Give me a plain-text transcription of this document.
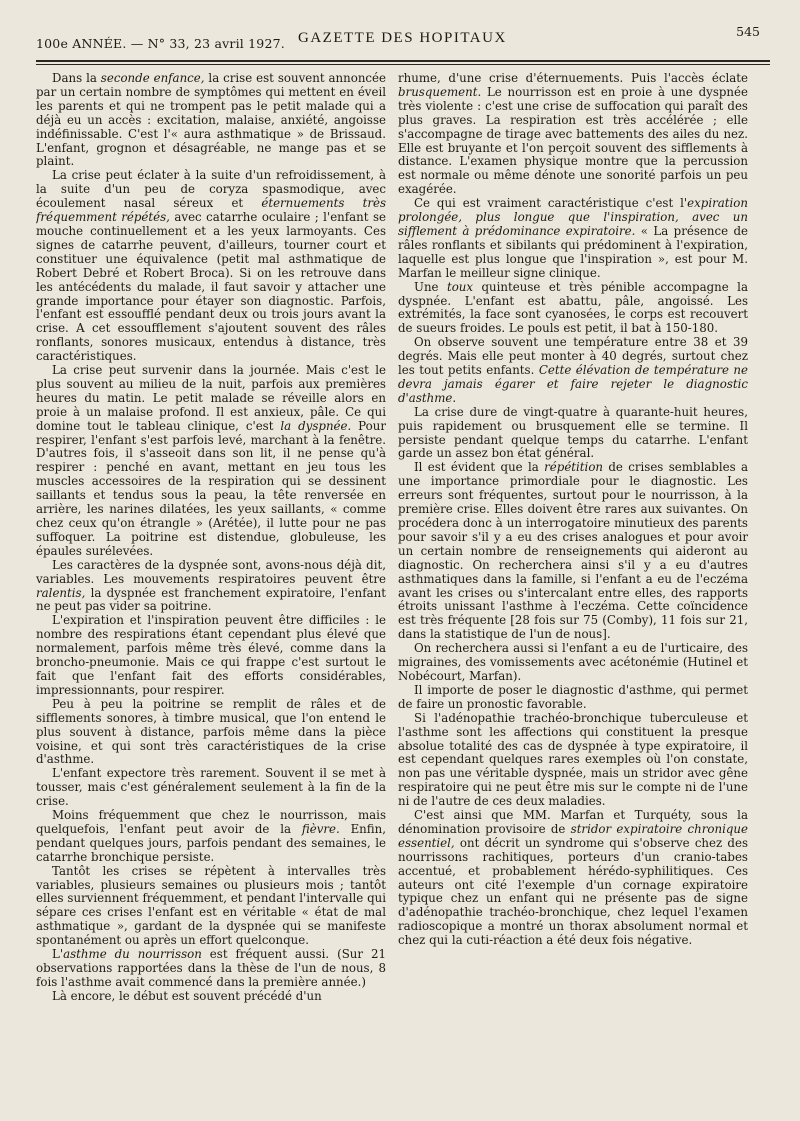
100e ANNÉE. — N° 33, 23 avril 1927. GAZETTE DES HOPITAUX	545

Dans la seconde enfance, la crise est souvent annoncée par un certain nombre de symptômes qui mettent en éveil les parents et qui ne trompent pas le petit malade qui a déjà eu un accès : excitation, malaise, anxiété, angoisse indéfinissable. C'est l'« aura asthmatique » de Brissaud. L'enfant, grognon et désagréable, ne mange pas et se plaint.

La crise peut éclater à la suite d'un refroidissement, à la suite d'un peu de coryza spasmodique, avec écoulement nasal séreux et éternuements très fréquemment répétés, avec catarrhe oculaire ; l'enfant se mouche continuellement et a les yeux larmoyants. Ces signes de catarrhe peuvent, d'ailleurs, tourner court et constituer une équivalence (petit mal asthmatique de Robert Debré et Robert Broca). Si on les retrouve dans les antécédents du malade, il faut savoir y attacher une grande importance pour étayer son diagnostic. Parfois, l'enfant est essoufflé pendant deux ou trois jours avant la crise. A cet essoufflement s'ajoutent souvent des râles ronflants, sonores musicaux, entendus à distance, très caractéristiques.

La crise peut survenir dans la journée. Mais c'est le plus souvent au milieu de la nuit, parfois aux premières heures du matin. Le petit malade se réveille alors en proie à un malaise profond. Il est anxieux, pâle. Ce qui domine tout le tableau clinique, c'est la dyspnée. Pour respirer, l'enfant s'est parfois levé, marchant à la fenêtre. D'autres fois, il s'asseoit dans son lit, il ne pense qu'à respirer : penché en avant, mettant en jeu tous les muscles accessoires de la respiration qui se dessinent saillants et tendus sous la peau, la tête renversée en arrière, les narines dilatées, les yeux saillants, « comme chez ceux qu'on étrangle » (Arétée), il lutte pour ne pas suffoquer. La poitrine est distendue, globuleuse, les épaules surélevées.

Les caractères de la dyspnée sont, avons-nous déjà dit, variables. Les mouvements respiratoires peuvent être ralentis, la dyspnée est franchement expiratoire, l'enfant ne peut pas vider sa poitrine.

L'expiration et l'inspiration peuvent être difficiles : le nombre des respirations étant cependant plus élevé que normalement, parfois même très élevé, comme dans la broncho-pneumonie. Mais ce qui frappe c'est surtout le fait que l'enfant fait des efforts considérables, impressionnants, pour respirer.

Peu à peu la poitrine se remplit de râles et de sifflements sonores, à timbre musical, que l'on entend le plus souvent à distance, parfois même dans la pièce voisine, et qui sont très caractéristiques de la crise d'asthme.

L'enfant expectore très rarement. Souvent il se met à tousser, mais c'est généralement seulement à la fin de la crise.

Moins fréquemment que chez le nourrisson, mais quelquefois, l'enfant peut avoir de la fièvre. Enfin, pendant quelques jours, parfois pendant des semaines, le catarrhe bronchique persiste.

Tantôt les crises se répètent à intervalles très variables, plusieurs semaines ou plusieurs mois ; tantôt elles surviennent fréquemment, et pendant l'intervalle qui sépare ces crises l'enfant est en véritable « état de mal asthmatique », gardant de la dyspnée qui se manifeste spontanément ou après un effort quelconque.

L'asthme du nourrisson est fréquent aussi. (Sur 21 observations rapportées dans la thèse de l'un de nous, 8 fois l'asthme avait commencé dans la première année.)

Là encore, le début est souvent précédé d'un

rhume, d'une crise d'éternuements. Puis l'accès éclate brusquement. Le nourrisson est en proie à une dyspnée très violente : c'est une crise de suffocation qui paraît des plus graves. La respiration est très accélérée ; elle s'accompagne de tirage avec battements des ailes du nez. Elle est bruyante et l'on perçoit souvent des sifflements à distance. L'examen physique montre que la percussion est normale ou même dénote une sonorité parfois un peu exagérée.

Ce qui est vraiment caractéristique c'est l'expiration prolongée, plus longue que l'inspiration, avec un sifflement à prédominance expiratoire. « La présence de râles ronflants et sibilants qui prédominent à l'expiration, laquelle est plus longue que l'inspiration », est pour M. Marfan le meilleur signe clinique.

Une toux quinteuse et très pénible accompagne la dyspnée. L'enfant est abattu, pâle, angoissé. Les extrémités, la face sont cyanosées, le corps est recouvert de sueurs froides. Le pouls est petit, il bat à 150-180.

On observe souvent une température entre 38 et 39 degrés. Mais elle peut monter à 40 degrés, surtout chez les tout petits enfants. Cette élévation de température ne devra jamais égarer et faire rejeter le diagnostic d'asthme.

La crise dure de vingt-quatre à quarante-huit heures, puis rapidement ou brusquement elle se termine. Il persiste pendant quelque temps du catarrhe. L'enfant garde un assez bon état général.

Il est évident que la répétition de crises semblables a une importance primordiale pour le diagnostic. Les erreurs sont fréquentes, surtout pour le nourrisson, à la première crise. Elles doivent être rares aux suivantes. On procédera donc à un interrogatoire minutieux des parents pour savoir s'il y a eu des crises analogues et pour avoir un certain nombre de renseignements qui aideront au diagnostic. On recherchera ainsi s'il y a eu d'autres asthmatiques dans la famille, si l'enfant a eu de l'eczéma avant les crises ou s'intercalant entre elles, des rapports étroits unissant l'asthme à l'eczéma. Cette coïncidence est très fréquente [28 fois sur 75 (Comby), 11 fois sur 21, dans la statistique de l'un de nous].

On recherchera aussi si l'enfant a eu de l'urticaire, des migraines, des vomissements avec acétonémie (Hutinel et Nobécourt, Marfan).

Il importe de poser le diagnostic d'asthme, qui permet de faire un pronostic favorable.

Si l'adénopathie trachéo-bronchique tuberculeuse et l'asthme sont les affections qui constituent la presque absolue totalité des cas de dyspnée à type expiratoire, il est cependant quelques rares exemples où l'on constate, non pas une véritable dyspnée, mais un stridor avec gêne respiratoire qui ne peut être mis sur le compte ni de l'une ni de l'autre de ces deux maladies.

C'est ainsi que MM. Marfan et Turquéty, sous la dénomination provisoire de stridor expiratoire chronique essentiel, ont décrit un syndrome qui s'observe chez des nourrissons rachitiques, porteurs d'un cranio-tabes accentué, et probablement hérédo-syphilitiques. Ces auteurs ont cité l'exemple d'un cornage expiratoire typique chez un enfant qui ne présente pas de signe d'adénopathie trachéo-bronchique, chez lequel l'examen radioscopique a montré un thorax absolument normal et chez qui la cuti-réaction a été deux fois négative.
